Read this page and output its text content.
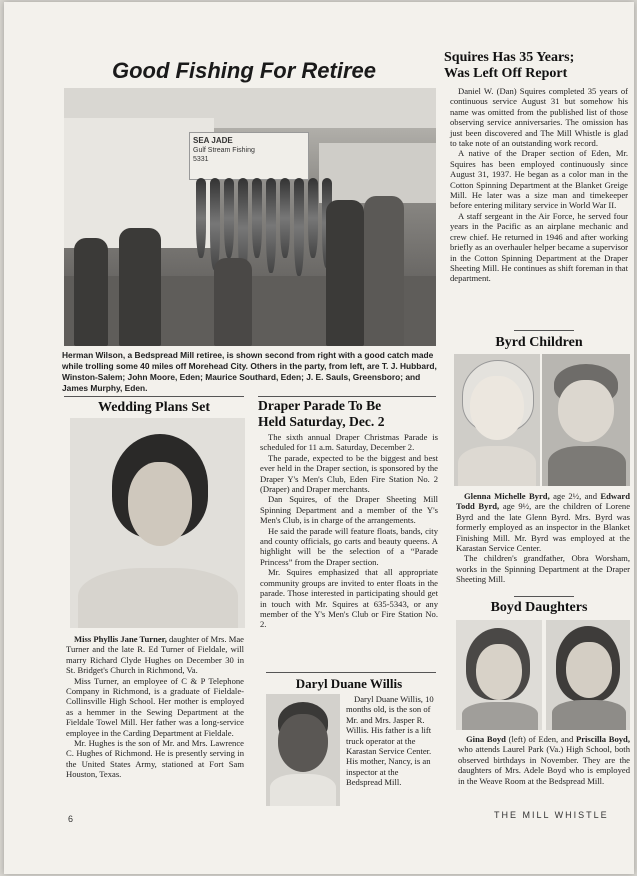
Good Fishing For Retiree
SEA JADE
Gulf Stream Fishing
5331

Herman Wilson, a Bedspread Mill retiree, is shown second from right with a good catch made while trolling some 40 miles off Morehead City. Others in the party, from left, are T. J. Hubbard, Winston-Salem; John Moore, Eden; Maurice Southard, Eden; J. E. Sauls, Greensboro; and James Murphy, Eden.

Wedding Plans Set

Miss Phyllis Jane Turner, daughter of Mrs. Mae Turner and the late R. Ed Turner of Fieldale, will marry Richard Clyde Hughes on December 30 in St. Bridget's Church in Richmond, Va.

Miss Turner, an employee of C & P Telephone Company in Richmond, is a graduate of Fieldale-Collinsville High School. Her mother is employed as a hemmer in the Sewing Department at the Fieldale Towel Mill. Her father was a long-service employee in the Carding Department at Fieldale.

Mr. Hughes is the son of Mr. and Mrs. Lawrence C. Hughes of Richmond. He is presently serving in the United States Army, stationed at Fort Sam Houston, Texas.

Draper Parade To Be
Held Saturday, Dec. 2

The sixth annual Draper Christmas Parade is scheduled for 11 a.m. Saturday, December 2.

The parade, expected to be the biggest and best ever held in the Draper section, is sponsored by the Draper Y's Men's Club, Eden Fire Station No. 2 (Draper) and Draper merchants.

Dan Squires, of the Draper Sheeting Mill Spinning Department and a member of the Y's Men's Club, is in charge of the arrangements.

He said the parade will feature floats, bands, city and county officials, go carts and beauty queens. A highlight will be the selection of a “Parade Princess” from the Draper section.

Mr. Squires emphasized that all appropriate community groups are invited to enter floats in the parade. Those interested in participating should get in touch with Mr. Squires at 635-5343, or any member of the Y's Men's Club or Fire Station No. 2.

Daryl Duane Willis

Daryl Duane Willis, 10 months old, is the son of Mr. and Mrs. Jasper R. Willis. His father is a lift truck operator at the Karastan Service Center. His mother, Nancy, is an inspector at the Bedspread Mill.

Squires Has 35 Years;
Was Left Off Report

Daniel W. (Dan) Squires completed 35 years of continuous service August 31 but somehow his name was omitted from the published list of those observing service anniversaries. The omission has just been discovered and The Mill Whistle is glad to take note of an outstanding work record.

A native of the Draper section of Eden, Mr. Squires has been employed continuously since August 31, 1937. He began as a color man in the Cotton Spinning Department at the Blanket Greige Mill. He later was a size man and timekeeper before entering military service in World War II.

A staff sergeant in the Air Force, he served four years in the Pacific as an airplane mechanic and crew chief. He returned in 1946 and after working briefly as an overhauler helper became a supervisor in the Cotton Spinning Department at the Draper Sheeting Mill. He continues as shift foreman in that department.

Byrd Children

Glenna Michelle Byrd, age 2½, and Edward Todd Byrd, age 9½, are the children of Lorene Byrd and the late Glenn Byrd. Mrs. Byrd was formerly employed as an inspector in the Blanket Finishing Mill. Mr. Byrd was employed at the Karastan Service Center.

The children's grandfather, Obra Worsham, works in the Spinning Department at the Draper Sheeting Mill.

Boyd Daughters

Gina Boyd (left) of Eden, and Priscilla Boyd, who attends Laurel Park (Va.) High School, both observed birthdays in November. They are the daughters of Mrs. Adele Boyd who is employed in the Weave Room at the Bedspread Mill.

6	THE MILL WHISTLE
